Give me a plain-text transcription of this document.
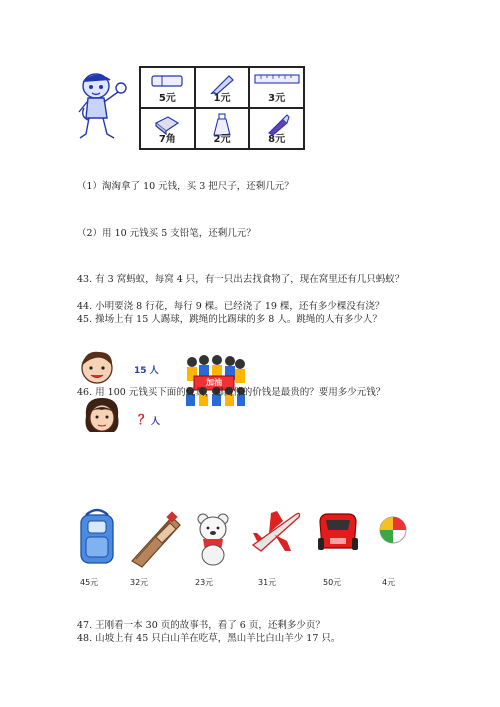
5元	1元	3元
7角	2元	8元
（1）淘淘拿了 10 元钱，买 3 把尺子，还剩几元？
（2）用 10 元钱买 5 支铅笔，还剩几元？
43. 有 3 窝蚂蚁，每窝 4 只，有一只出去找食物了，现在窝里还有几只蚂蚁？
44. 小明要浇 8 行花，每行 9 棵。已经浇了 19 棵，还有多少棵没有浇？
45. 操场上有 15 人踢球，跳绳的比踢球的多 8 人。跳绳的人有多少人？
15 人
？人
加油
46. 用 100 元钱买下面的玩具，哪两件的价钱是最贵的？要用多少元钱？
45元	32元	23元	31元	50元	4元
47. 王刚看一本 30 页的故事书，看了 6 页，还剩多少页？
48. 山坡上有 45 只白山羊在吃草，黑山羊比白山羊少 17 只。
